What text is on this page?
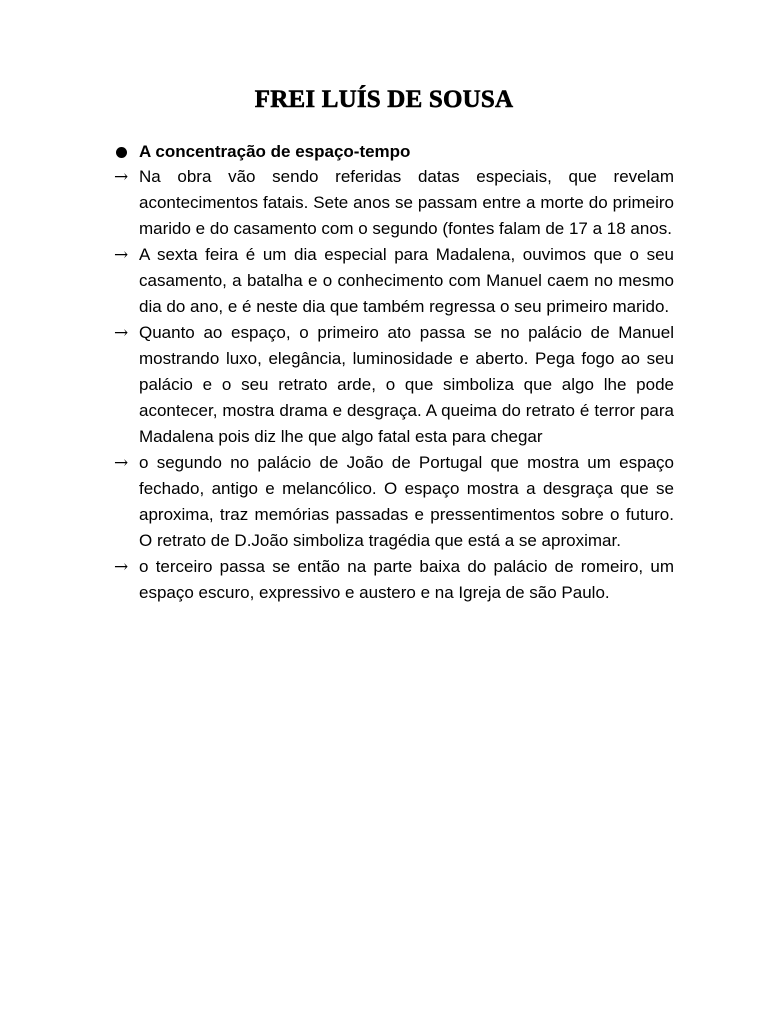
FREI LUÍS DE SOUSA
A concentração de espaço-tempo
→ Na obra vão sendo referidas datas especiais, que revelam acontecimentos fatais. Sete anos se passam entre a morte do primeiro marido e do casamento com o segundo (fontes falam de 17 a 18 anos.
→ A sexta feira é um dia especial para Madalena, ouvimos que o seu casamento, a batalha e o conhecimento com Manuel caem no mesmo dia do ano, e é neste dia que também regressa o seu primeiro marido.
→ Quanto ao espaço, o primeiro ato passa se no palácio de Manuel mostrando luxo, elegância, luminosidade e aberto. Pega fogo ao seu palácio e o seu retrato arde, o que simboliza que algo lhe pode acontecer, mostra drama e desgraça. A queima do retrato é terror para Madalena pois diz lhe que algo fatal esta para chegar
→ o segundo no palácio de João de Portugal que mostra um espaço fechado, antigo e melancólico. O espaço mostra a desgraça que se aproxima, traz memórias passadas e pressentimentos sobre o futuro. O retrato de D.João simboliza tragédia que está a se aproximar.
→ o terceiro passa se então na parte baixa do palácio de romeiro, um espaço escuro, expressivo e austero e na Igreja de são Paulo.
